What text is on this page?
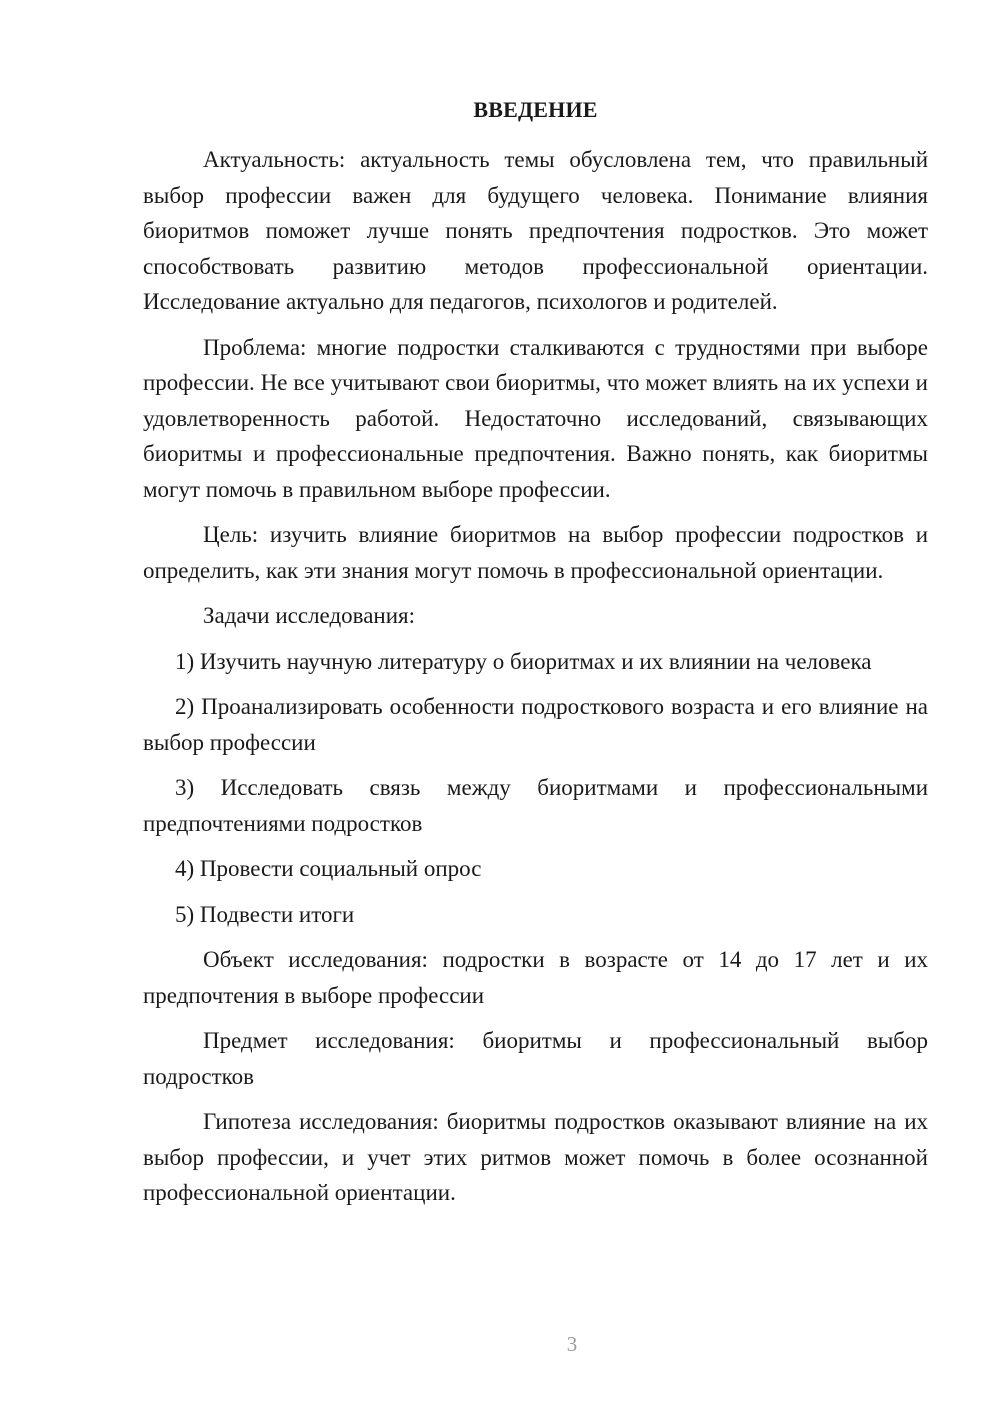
ВВЕДЕНИЕ

Актуальность: актуальность темы обусловлена тем, что правильный выбор профессии важен для будущего человека. Понимание влияния биоритмов поможет лучше понять предпочтения подростков. Это может способствовать развитию методов профессиональной ориентации. Исследование актуально для педагогов, психологов и родителей.

Проблема: многие подростки сталкиваются с трудностями при выборе профессии. Не все учитывают свои биоритмы, что может влиять на их успехи и удовлетворенность работой. Недостаточно исследований, связывающих биоритмы и профессиональные предпочтения. Важно понять, как биоритмы могут помочь в правильном выборе профессии.

Цель: изучить влияние биоритмов на выбор профессии подростков и определить, как эти знания могут помочь в профессиональной ориентации.

Задачи исследования:

1) Изучить научную литературу о биоритмах и их влиянии на человека

2) Проанализировать особенности подросткового возраста и его влияние на выбор профессии

3) Исследовать связь между биоритмами и профессиональными предпочтениями подростков

4) Провести социальный опрос

5) Подвести итоги

Объект исследования: подростки в возрасте от 14 до 17 лет и их предпочтения в выборе профессии

Предмет исследования: биоритмы и профессиональный выбор подростков

Гипотеза исследования: биоритмы подростков оказывают влияние на их выбор профессии, и учет этих ритмов может помочь в более осознанной профессиональной ориентации.

3
